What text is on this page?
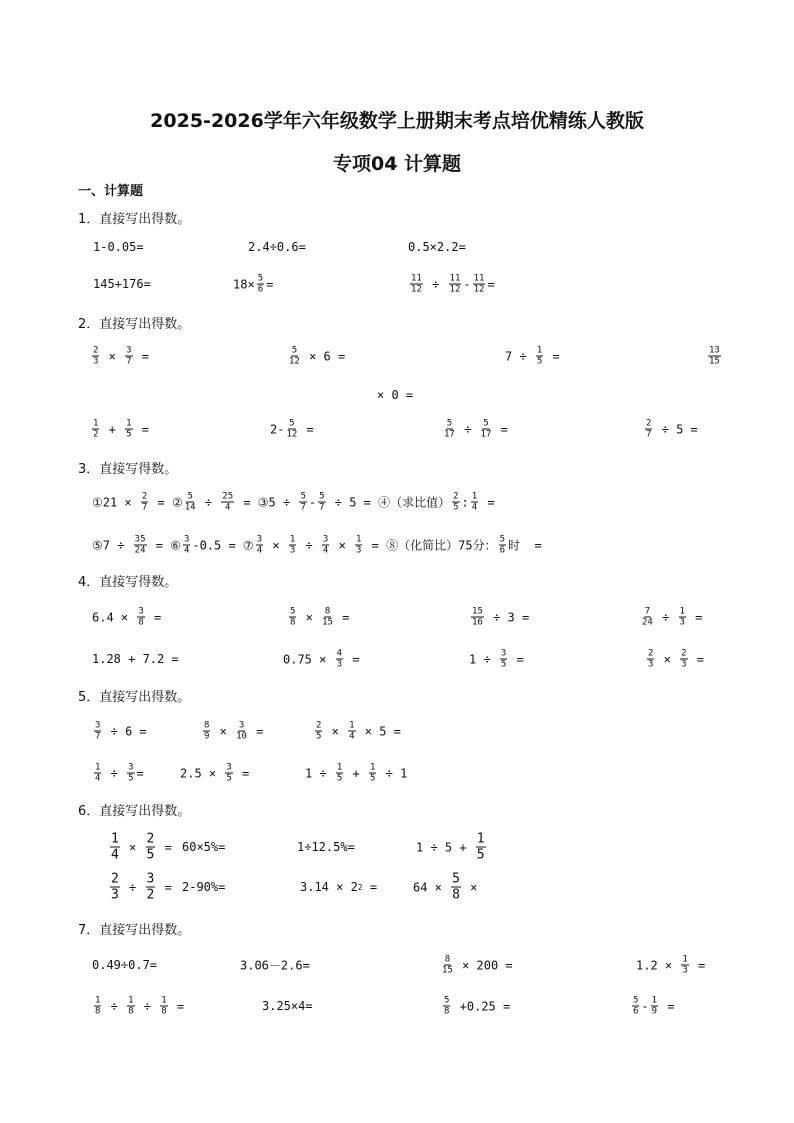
2025-2026学年六年级数学上册期末考点培优精练人教版
专项04 计算题
一、计算题
1．直接写出得数。
1-0.05=	2.4÷0.6=	0.5×2.2=
145+176=	$18\times \frac{5}{6}$ =	$\frac{11}{12} \div \frac{11}{12} - \frac{11}{12}$ =
2．直接写出得数。
$\frac{2}{3} \times \frac{3}{7}$ =	$\frac{5}{12} \times 6$ =	$7 \div \frac{1}{5}$ =	$\frac{13}{15}$
× 0 =
$\frac{1}{2} + \frac{1}{5}$ =	$2- \frac{5}{12}$ =	$\frac{5}{17} \div \frac{5}{17}$ =	$\frac{2}{7} \div 5$ =
3．直接写得数。
①21 × $\frac{2}{7}$ = ② $\frac{5}{14} \div \frac{25}{4}$ = ③5 ÷ $\frac{5}{7} - \frac{5}{7} \div 5$ = ④（求比值） $\frac{2}{5}$ : $\frac{1}{4}$ =
⑤7 ÷ $\frac{35}{24}$ = ⑥ $\frac{3}{4} -0.5$ = ⑦ $\frac{3}{4} \times \frac{1}{3} \div \frac{3}{4} \times \frac{1}{3}$ = ⑧（化简比）75分： $\frac{5}{6}$ 时  =
4．直接写得数。
$6.4 \times \frac{3}{8}$ =	$\frac{5}{8} \times \frac{8}{15}$ =	$\frac{15}{16} \div 3$ =	$\frac{7}{24} \div \frac{1}{3}$ =
1.28 + 7.2 =	$0.75 \times \frac{4}{3}$ =	$1 \div \frac{3}{5}$ =	$\frac{2}{3} \times \frac{2}{3}$ =
5．直接写出得数。
$\frac{3}{7} \div 6$ =	$\frac{8}{9} \times \frac{3}{10}$ =	$\frac{2}{5} \times \frac{1}{4} \times 5$ =
$\frac{1}{4} \div \frac{3}{5}$ =	$2.5 \times \frac{3}{5}$ =	$1 \div \frac{1}{5} + \frac{1}{5} \div 1$
6．直接写出得数。
$\frac{1}{4} \times \frac{2}{5} = 60\times 5\%=$	1÷12.5%=	$1 \div 5 + \frac{1}{5}$
$\frac{2}{3} \div \frac{3}{2} = 2-90\%=$	3.14 × 2 2 =	$64 \times \frac{5}{8}$ ×
7．直接写出得数。
0.49÷0.7=	3.06－2.6=	$\frac{8}{15} \times 200$ =	$1.2 \times \frac{1}{3}$ =
$\frac{1}{8} \div \frac{1}{8} \div \frac{1}{8}$ =	3.25×4=	$\frac{5}{8} +0.25$ =	$\frac{5}{6} - \frac{1}{9}$ =
